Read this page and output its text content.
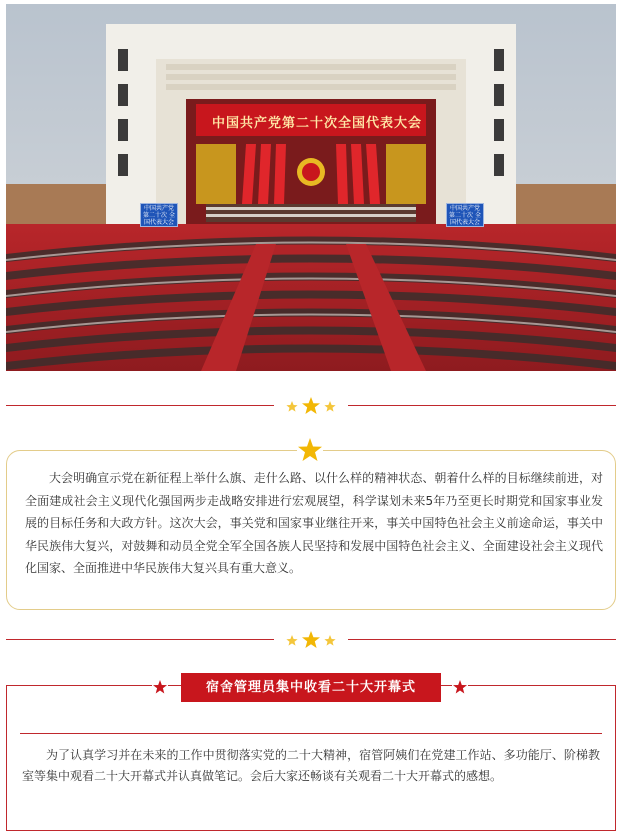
中国共产党第二十次全国代表大会
中国共产党 第二十次 全国代表大会
中国共产党 第二十次 全国代表大会

大会明确宣示党在新征程上举什么旗、走什么路、以什么样的精神状态、朝着什么样的目标继续前进，对全面建成社会主义现代化强国两步走战略安排进行宏观展望，科学谋划未来5年乃至更长时期党和国家事业发展的目标任务和大政方针。这次大会，事关党和国家事业继往开来，事关中国特色社会主义前途命运，事关中华民族伟大复兴，对鼓舞和动员全党全军全国各族人民坚持和发展中国特色社会主义、全面建设社会主义现代化国家、全面推进中华民族伟大复兴具有重大意义。

宿舍管理员集中收看二十大开幕式

为了认真学习并在未来的工作中贯彻落实党的二十大精神，宿管阿姨们在党建工作站、多功能厅、阶梯教室等集中观看二十大开幕式并认真做笔记。会后大家还畅谈有关观看二十大开幕式的感想。
